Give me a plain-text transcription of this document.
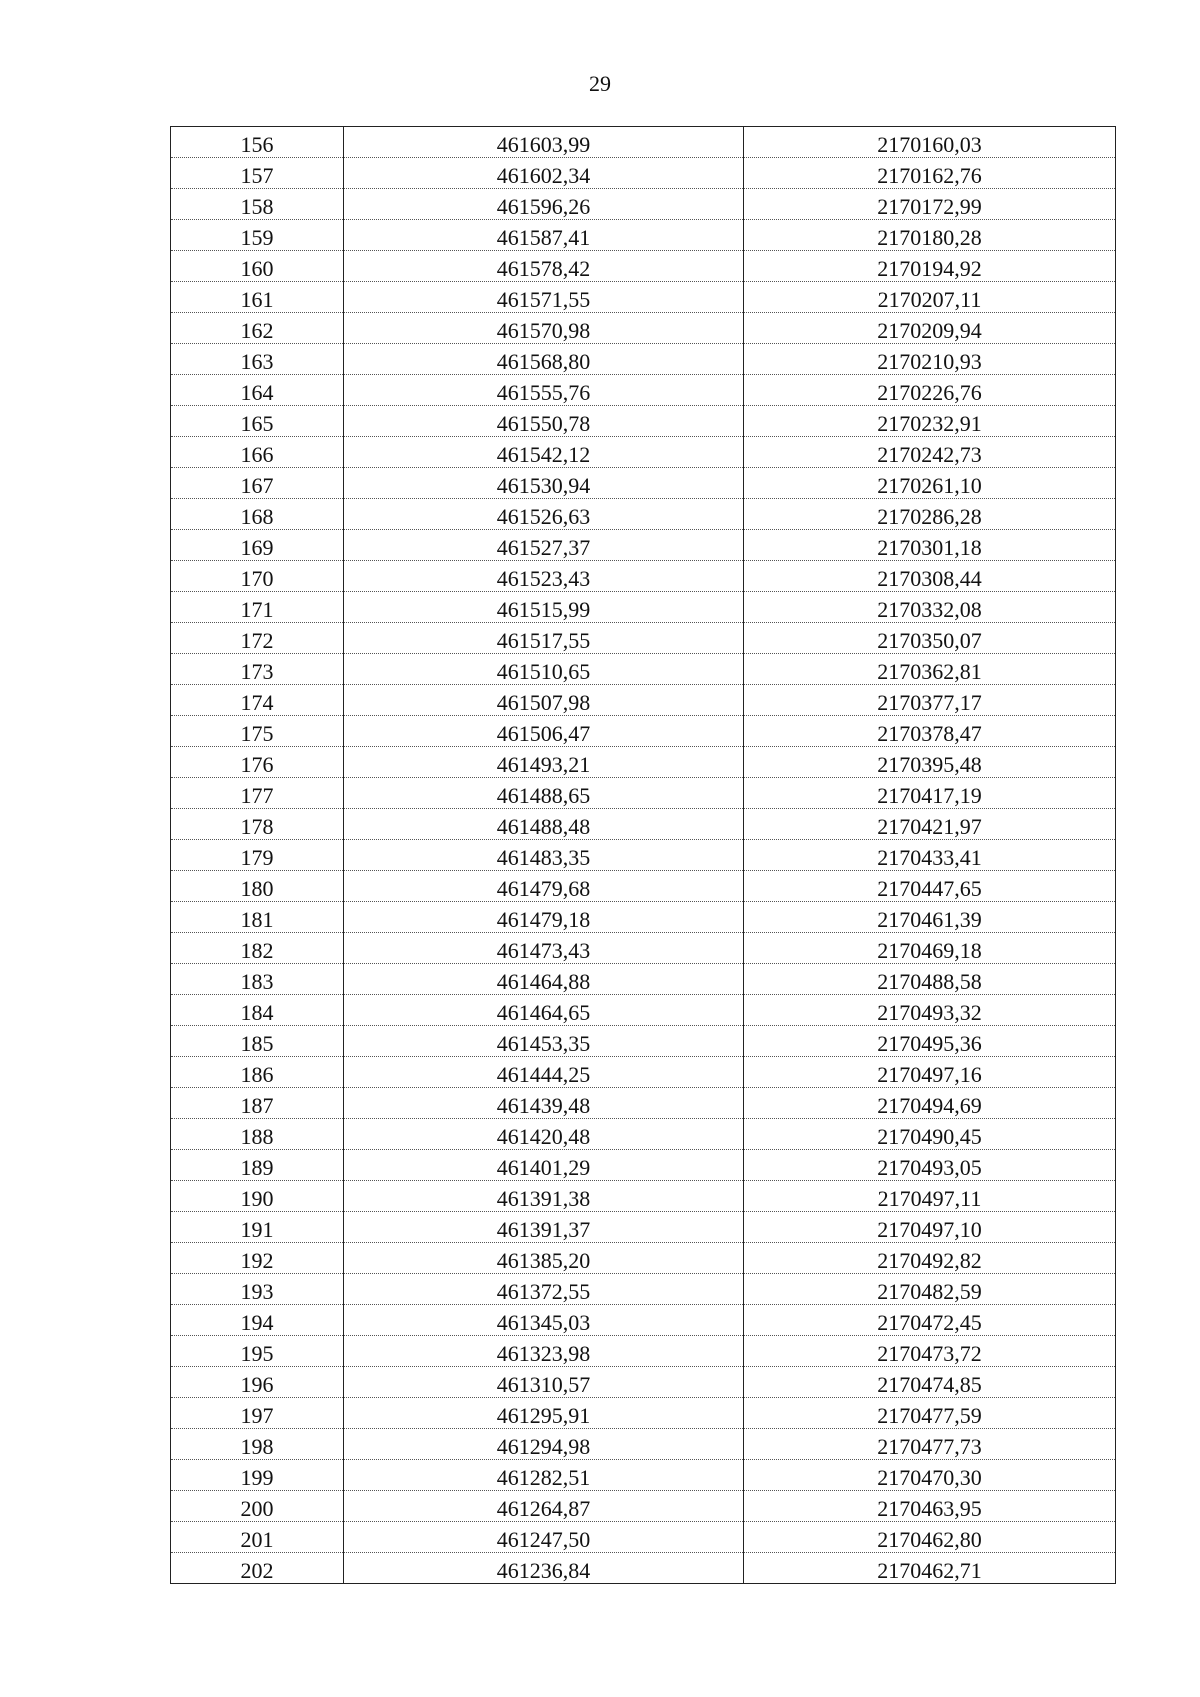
29
156	461603,99	2170160,03
157	461602,34	2170162,76
158	461596,26	2170172,99
159	461587,41	2170180,28
160	461578,42	2170194,92
161	461571,55	2170207,11
162	461570,98	2170209,94
163	461568,80	2170210,93
164	461555,76	2170226,76
165	461550,78	2170232,91
166	461542,12	2170242,73
167	461530,94	2170261,10
168	461526,63	2170286,28
169	461527,37	2170301,18
170	461523,43	2170308,44
171	461515,99	2170332,08
172	461517,55	2170350,07
173	461510,65	2170362,81
174	461507,98	2170377,17
175	461506,47	2170378,47
176	461493,21	2170395,48
177	461488,65	2170417,19
178	461488,48	2170421,97
179	461483,35	2170433,41
180	461479,68	2170447,65
181	461479,18	2170461,39
182	461473,43	2170469,18
183	461464,88	2170488,58
184	461464,65	2170493,32
185	461453,35	2170495,36
186	461444,25	2170497,16
187	461439,48	2170494,69
188	461420,48	2170490,45
189	461401,29	2170493,05
190	461391,38	2170497,11
191	461391,37	2170497,10
192	461385,20	2170492,82
193	461372,55	2170482,59
194	461345,03	2170472,45
195	461323,98	2170473,72
196	461310,57	2170474,85
197	461295,91	2170477,59
198	461294,98	2170477,73
199	461282,51	2170470,30
200	461264,87	2170463,95
201	461247,50	2170462,80
202	461236,84	2170462,71
